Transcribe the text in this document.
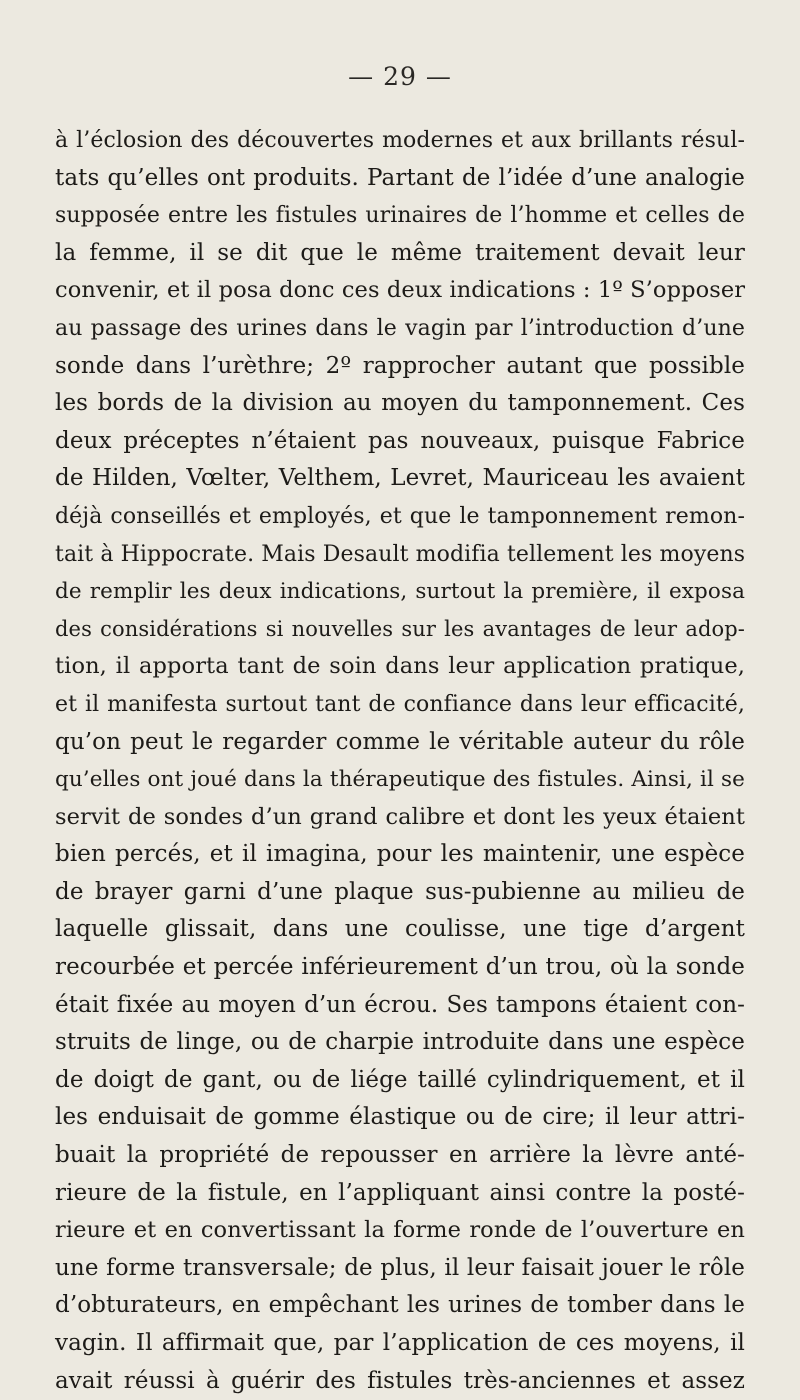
— 29 —
à l’éclosion des découvertes modernes et aux brillants résul-
tats qu’elles ont produits. Partant de l’idée d’une analogie
supposée entre les fistules urinaires de l’homme et celles de
la femme, il se dit que le même traitement devait leur
convenir, et il posa donc ces deux indications : 1º S’opposer
au passage des urines dans le vagin par l’introduction d’une
sonde dans l’urèthre; 2º rapprocher autant que possible
les bords de la division au moyen du tamponnement. Ces
deux préceptes n’étaient pas nouveaux, puisque Fabrice
de Hilden, Vœlter, Velthem, Levret, Mauriceau les avaient
déjà conseillés et employés, et que le tamponnement remon-
tait à Hippocrate. Mais Desault modifia tellement les moyens
de remplir les deux indications, surtout la première, il exposa
des considérations si nouvelles sur les avantages de leur adop-
tion, il apporta tant de soin dans leur application pratique,
et il manifesta surtout tant de confiance dans leur efficacité,
qu’on peut le regarder comme le véritable auteur du rôle
qu’elles ont joué dans la thérapeutique des fistules. Ainsi, il se
servit de sondes d’un grand calibre et dont les yeux étaient
bien percés, et il imagina, pour les maintenir, une espèce
de brayer garni d’une plaque sus-pubienne au milieu de
laquelle glissait, dans une coulisse, une tige d’argent
recourbée et percée inférieurement d’un trou, où la sonde
était fixée au moyen d’un écrou. Ses tampons étaient con-
struits de linge, ou de charpie introduite dans une espèce
de doigt de gant, ou de liége taillé cylindriquement, et il
les enduisait de gomme élastique ou de cire; il leur attri-
buait la propriété de repousser en arrière la lèvre anté-
rieure de la fistule, en l’appliquant ainsi contre la posté-
rieure et en convertissant la forme ronde de l’ouverture en
une forme transversale; de plus, il leur faisait jouer le rôle
d’obturateurs, en empêchant les urines de tomber dans le
vagin. Il affirmait que, par l’application de ces moyens, il
avait réussi à guérir des fistules très-anciennes et assez
